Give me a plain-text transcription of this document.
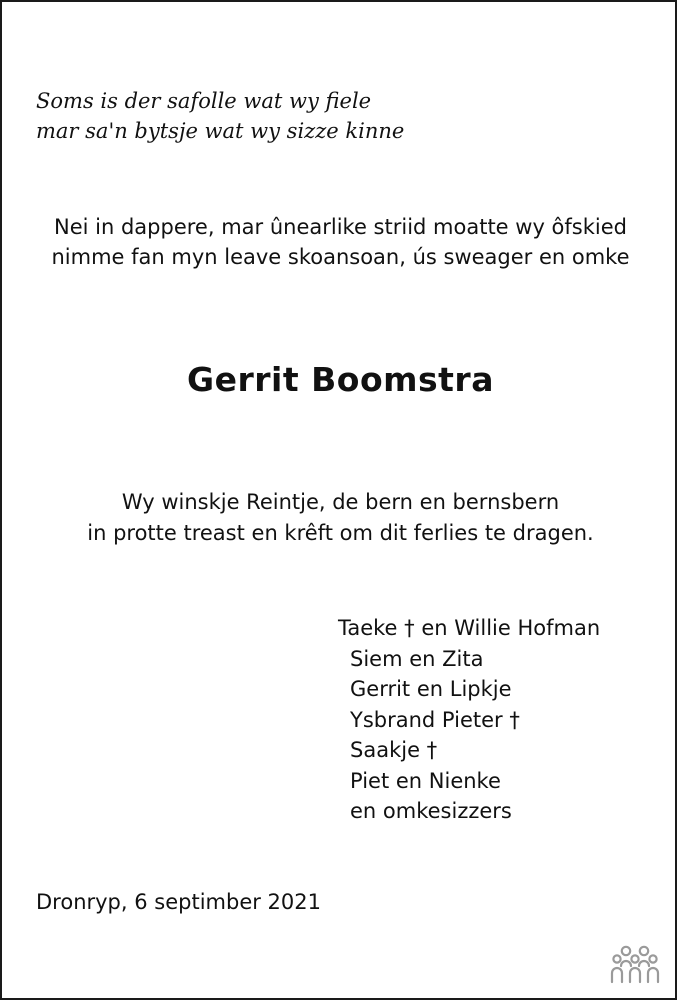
Soms is der safolle wat wy fiele
mar sa'n bytsje wat wy sizze kinne
Nei in dappere, mar ûnearlike striid moatte wy ôfskied
nimme fan myn leave skoansoan, ús sweager en omke
Gerrit Boomstra
Wy winskje Reintje, de bern en bernsbern
in protte treast en krêft om dit ferlies te dragen.
Taeke † en Willie Hofman
Siem en Zita
Gerrit en Lipkje
Ysbrand Pieter †
Saakje †
Piet en Nienke
en omkesizzers
Dronryp, 6 septimber 2021
